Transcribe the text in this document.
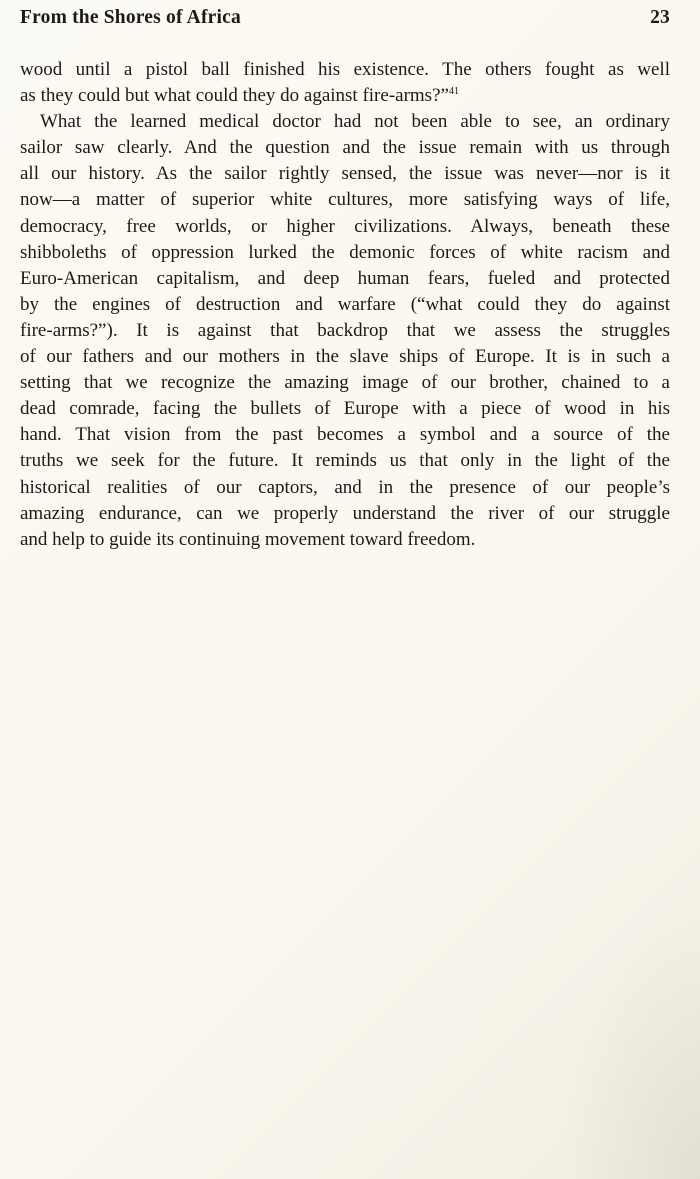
From the Shores of Africa	23

wood until a pistol ball finished his existence. The others fought as well
as they could but what could they do against fire-arms?”$^{41}$

What the learned medical doctor had not been able to see, an ordinary
sailor saw clearly. And the question and the issue remain with us through
all our history. As the sailor rightly sensed, the issue was never—nor is it
now—a matter of superior white cultures, more satisfying ways of life,
democracy, free worlds, or higher civilizations. Always, beneath these
shibboleths of oppression lurked the demonic forces of white racism and
Euro-American capitalism, and deep human fears, fueled and protected
by the engines of destruction and warfare (“what could they do against
fire-arms?”). It is against that backdrop that we assess the struggles
of our fathers and our mothers in the slave ships of Europe. It is in such a
setting that we recognize the amazing image of our brother, chained to a
dead comrade, facing the bullets of Europe with a piece of wood in his
hand. That vision from the past becomes a symbol and a source of the
truths we seek for the future. It reminds us that only in the light of the
historical realities of our captors, and in the presence of our people’s
amazing endurance, can we properly understand the river of our struggle
and help to guide its continuing movement toward freedom.
